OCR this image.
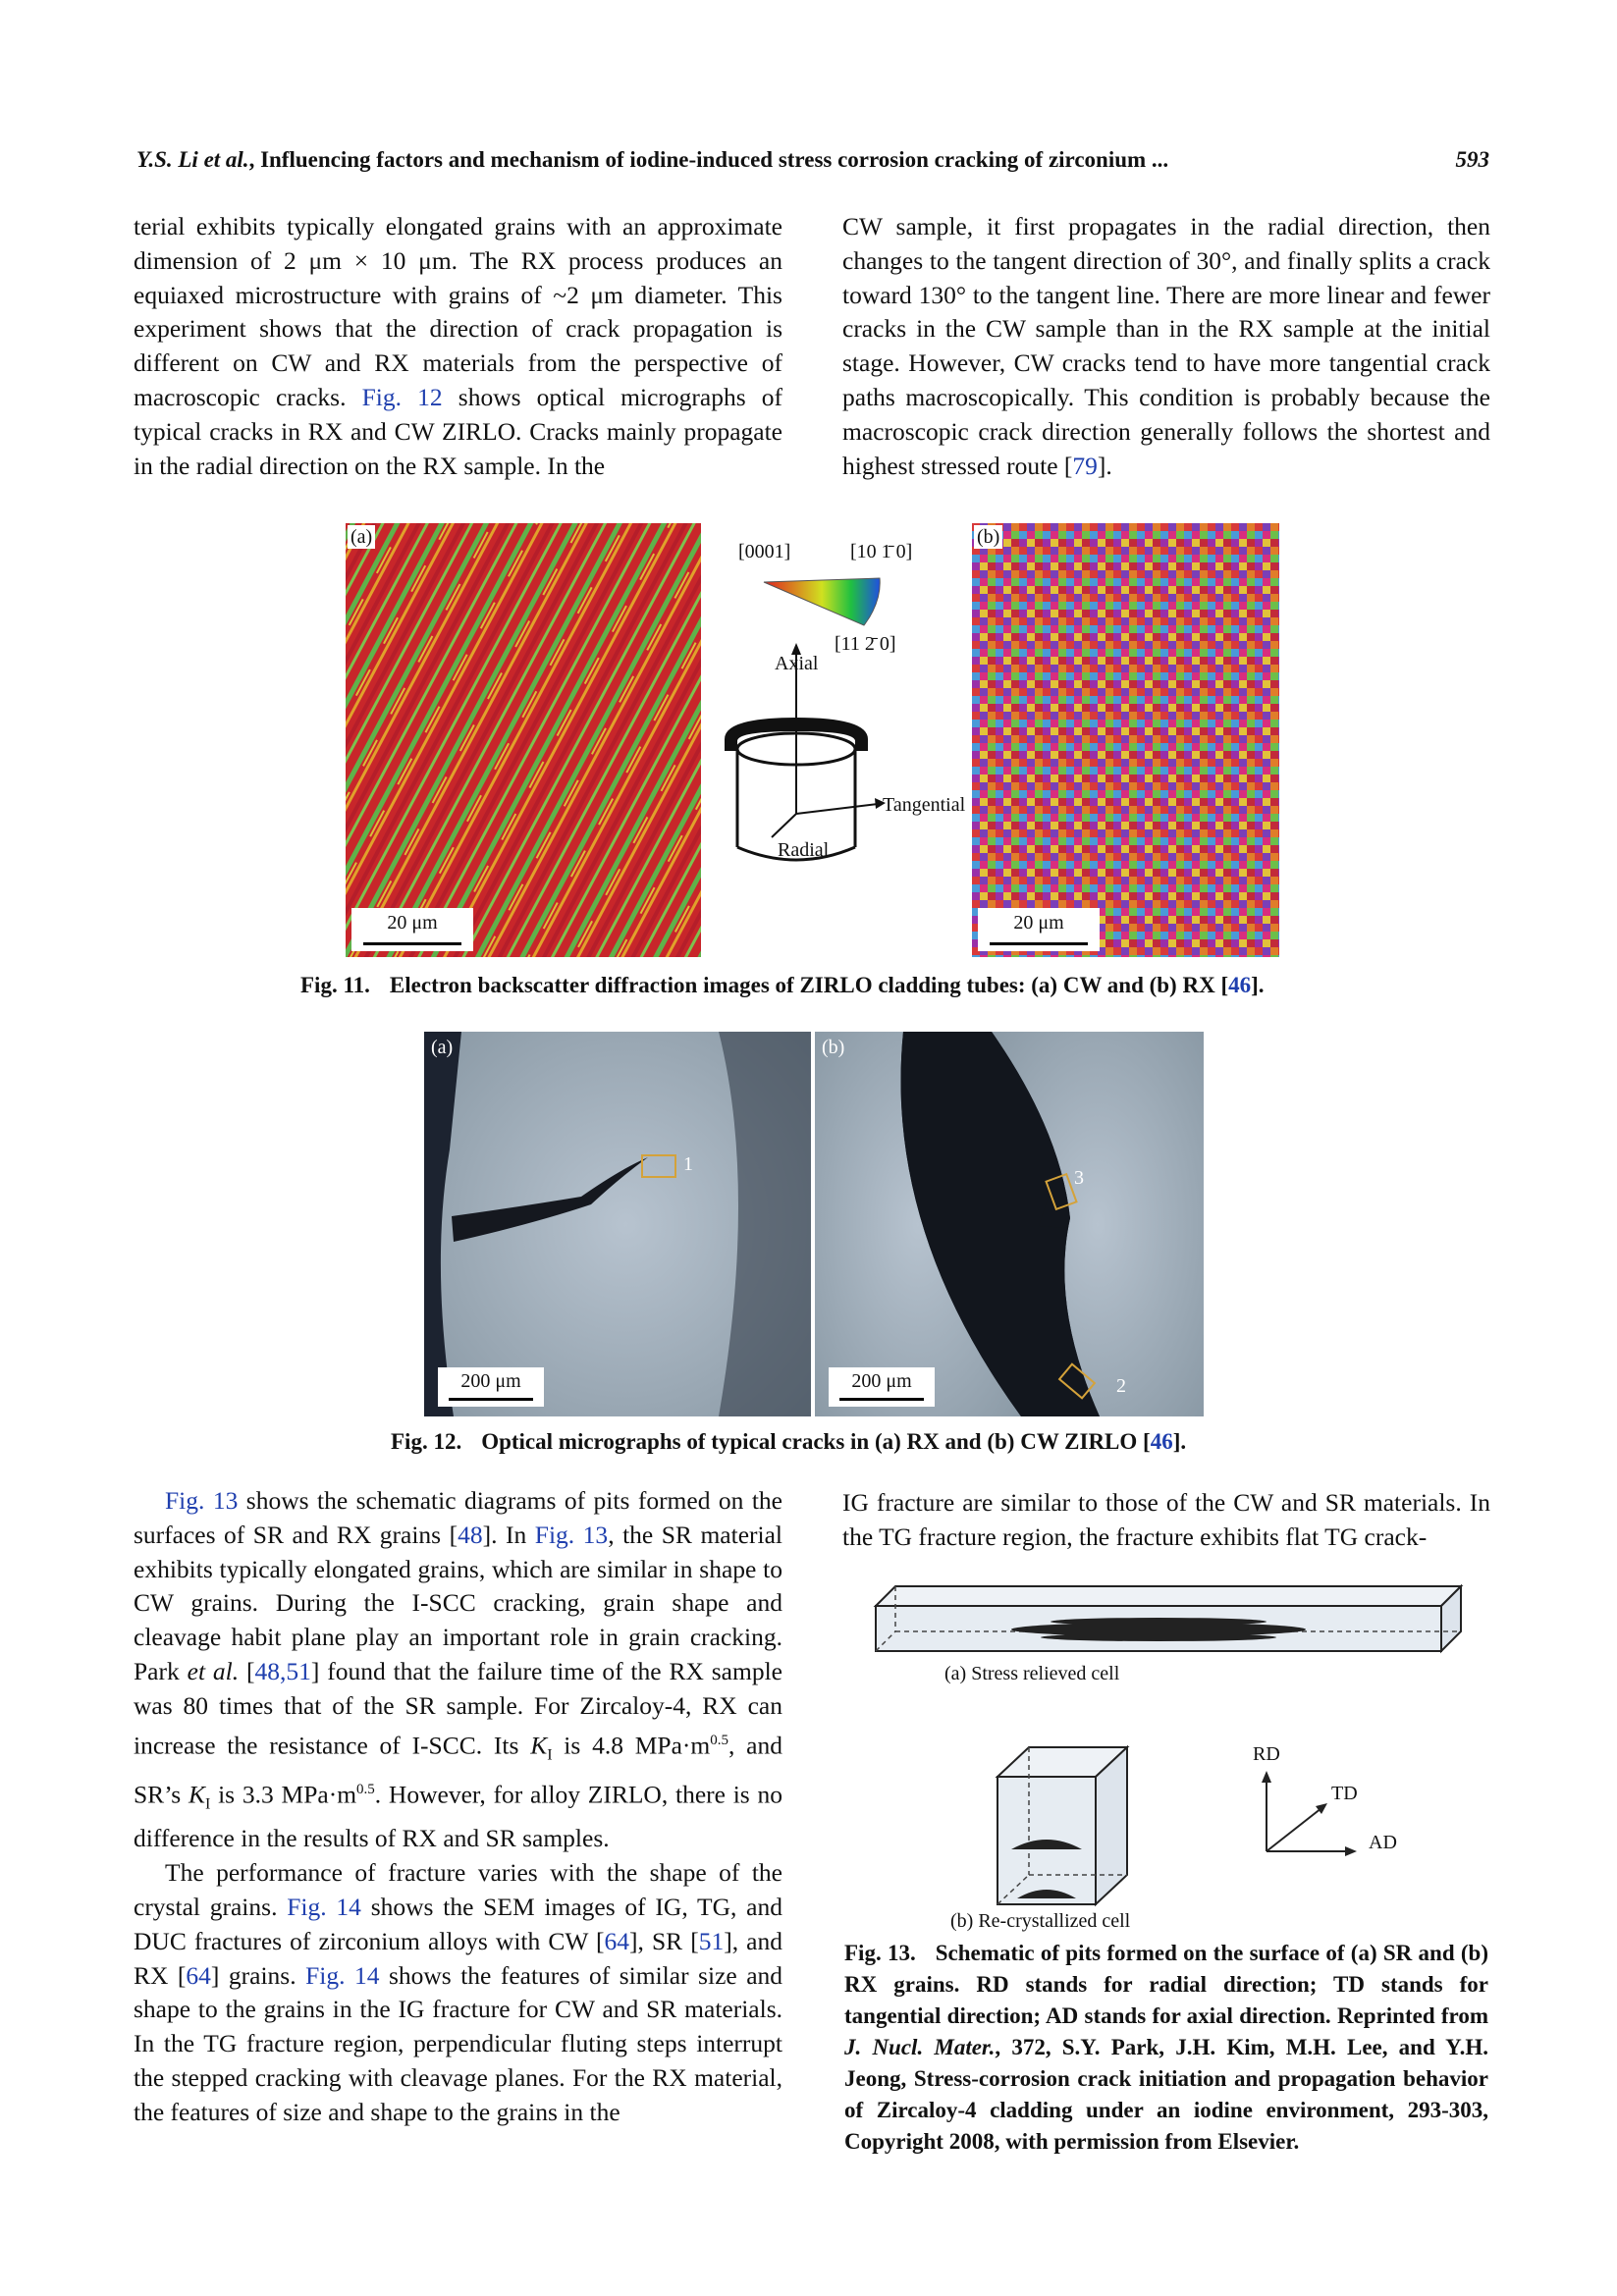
Y.S. Li et al., Influencing factors and mechanism of iodine-induced stress corrosion cracking of zirconium ...	593

terial exhibits typically elongated grains with an approximate dimension of 2 μm × 10 μm. The RX process produces an equiaxed microstructure with grains of ~2 μm diameter. This experiment shows that the direction of crack propagation is different on CW and RX materials from the perspective of macroscopic cracks. Fig. 12 shows optical micrographs of typical cracks in RX and CW ZIRLO. Cracks mainly propagate in the radial direction on the RX sample. In the

CW sample, it first propagates in the radial direction, then changes to the tangent direction of 30°, and finally splits a crack toward 130° to the tangent line. There are more linear and fewer cracks in the CW sample than in the RX sample at the initial stage. However, CW cracks tend to have more tangential crack paths macroscopically. This condition is probably because the macroscopic crack direction generally follows the shortest and highest stressed route [79].

(a)
20 μm
(b)
20 μm
[0001]	[10 1̄ 0]
[11 2̄ 0]
Axial
Tangential
Radial
Fig. 11. Electron backscatter diffraction images of ZIRLO cladding tubes: (a) CW and (b) RX [46].
(a)
1
200 μm
(b)
3
2
200 μm
Fig. 12. Optical micrographs of typical cracks in (a) RX and (b) CW ZIRLO [46].

Fig. 13 shows the schematic diagrams of pits formed on the surfaces of SR and RX grains [48]. In Fig. 13, the SR material exhibits typically elongated grains, which are similar in shape to CW grains. During the I-SCC cracking, grain shape and cleavage habit plane play an important role in grain cracking. Park et al. [48,51] found that the failure time of the RX sample was 80 times that of the SR sample. For Zircaloy-4, RX can increase the resistance of I-SCC. Its $K_I$ is 4.8 $MPa\cdot m^{0.5}$, and SR’s $K_I$ is 3.3 $MPa\cdot m^{0.5}$. However, for alloy ZIRLO, there is no difference in the results of RX and SR samples.

The performance of fracture varies with the shape of the crystal grains. Fig. 14 shows the SEM images of IG, TG, and DUC fractures of zirconium alloys with CW [64], SR [51], and RX [64] grains. Fig. 14 shows the features of similar size and shape to the grains in the IG fracture for CW and SR materials. In the TG fracture region, perpendicular fluting steps interrupt the stepped cracking with cleavage planes. For the RX material, the features of size and shape to the grains in the

IG fracture are similar to those of the CW and SR materials. In the TG fracture region, the fracture exhibits flat TG crack-

(a) Stress relieved cell
(b) Re-crystallized cell
RD
TD
AD
Fig. 13. Schematic of pits formed on the surface of (a) SR and (b) RX grains. RD stands for radial direction; TD stands for tangential direction; AD stands for axial direction. Reprinted from J. Nucl. Mater., 372, S.Y. Park, J.H. Kim, M.H. Lee, and Y.H. Jeong, Stress-corrosion crack initiation and propagation behavior of Zircaloy-4 cladding under an iodine environment, 293-303, Copyright 2008, with permission from Elsevier.
